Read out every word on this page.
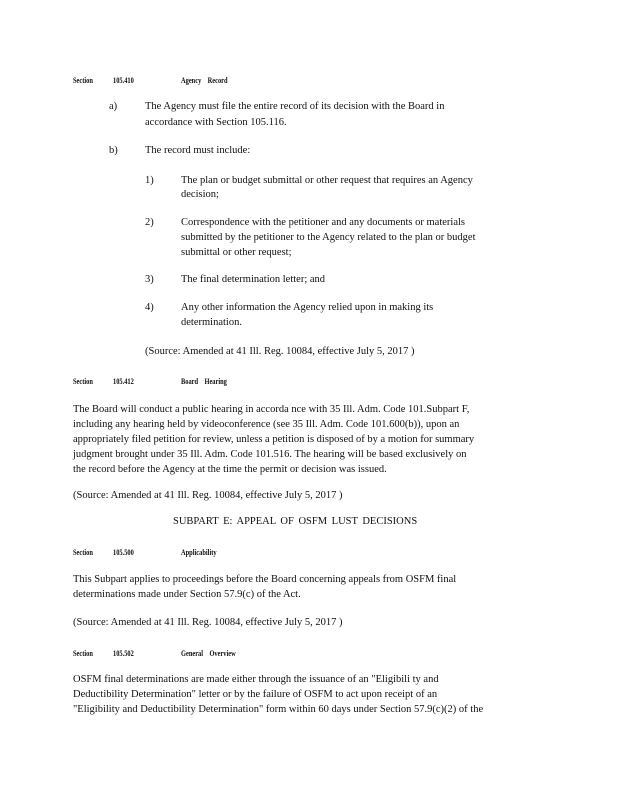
Section	105.410	Agency Record
a)	The Agency must file the entire record of its decision with the Board in
accordance with Section 105.116.
b)	The record must include:
1)	The plan or budget submittal or other request that requires an Agency
decision;
2)	Correspondence with the petitioner and any documents or materials
submitted by the petitioner to the Agency related to the plan or budget
submittal or other request;
3)	The final determination letter; and
4)	Any other information the Agency relied upon in making its
determination.
(Source: Amended at 41 Ill. Reg. 10084, effective July 5, 2017 )
Section	105.412	Board Hearing
The Board will conduct a public hearing in accorda nce with 35 Ill. Adm. Code 101.Subpart F,
including any hearing held by videoconference (see 35 Ill. Adm. Code 101.600(b)), upon an
appropriately filed petition for review, unless a petition is disposed of by a motion for summary
judgment brought under 35 Ill. Adm. Code 101.516. The hearing will be based exclusively on
the record before the Agency at the time the permit or decision was issued.
(Source: Amended at 41 Ill. Reg. 10084, effective July 5, 2017 )
SUBPART E: APPEAL OF OSFM LUST DECISIONS
Section	105.500	Applicability
This Subpart applies to proceedings before the Board concerning appeals from OSFM final
determinations made under Section 57.9(c) of the Act.
(Source: Amended at 41 Ill. Reg. 10084, effective July 5, 2017 )
Section	105.502	General Overview
OSFM final determinations are made either through the issuance of an "Eligibili ty and
Deductibility Determination" letter or by the failure of OSFM to act upon receipt of an
"Eligibility and Deductibility Determination" form within 60 days under Section 57.9(c)(2) of the
